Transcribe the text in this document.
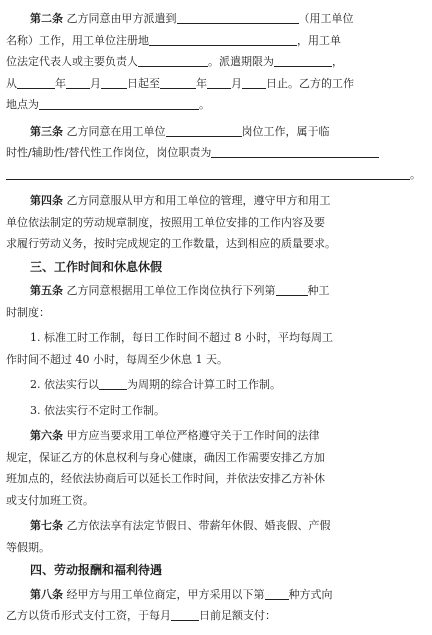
第二条 乙方同意由甲方派遣到	（用工单位
名称）工作，用工单位注册地	，用工单
位法定代表人或主要负责人	。派遣期限为	，
从	年 月 日起至	年 月 日止。乙方的工作
地点为	。
第三条 乙方同意在用工单位	岗位工作，属于临
时性/辅助性/替代性工作岗位，岗位职责为
。
第四条 乙方同意服从甲方和用工单位的管理，遵守甲方和用工
单位依法制定的劳动规章制度，按照用工单位安排的工作内容及要
求履行劳动义务，按时完成规定的工作数量，达到相应的质量要求。
三、工作时间和休息休假
第五条 乙方同意根据用工单位工作岗位执行下列第	种工
时制度：
1. 标准工时工作制，每日工作时间不超过 8 小时，平均每周工
作时间不超过 40 小时，每周至少休息 1 天。
2. 依法实行以	为周期的综合计算工时工作制。
3. 依法实行不定时工作制。
第六条 甲方应当要求用工单位严格遵守关于工作时间的法律
规定，保证乙方的休息权利与身心健康，确因工作需要安排乙方加
班加点的，经依法协商后可以延长工作时间，并依法安排乙方补休
或支付加班工资。
第七条 乙方依法享有法定节假日、带薪年休假、婚丧假、产假
等假期。
四、劳动报酬和福利待遇
第八条 经甲方与用工单位商定，甲方采用以下第 种方式向
乙方以货币形式支付工资，于每月	日前足额支付：
